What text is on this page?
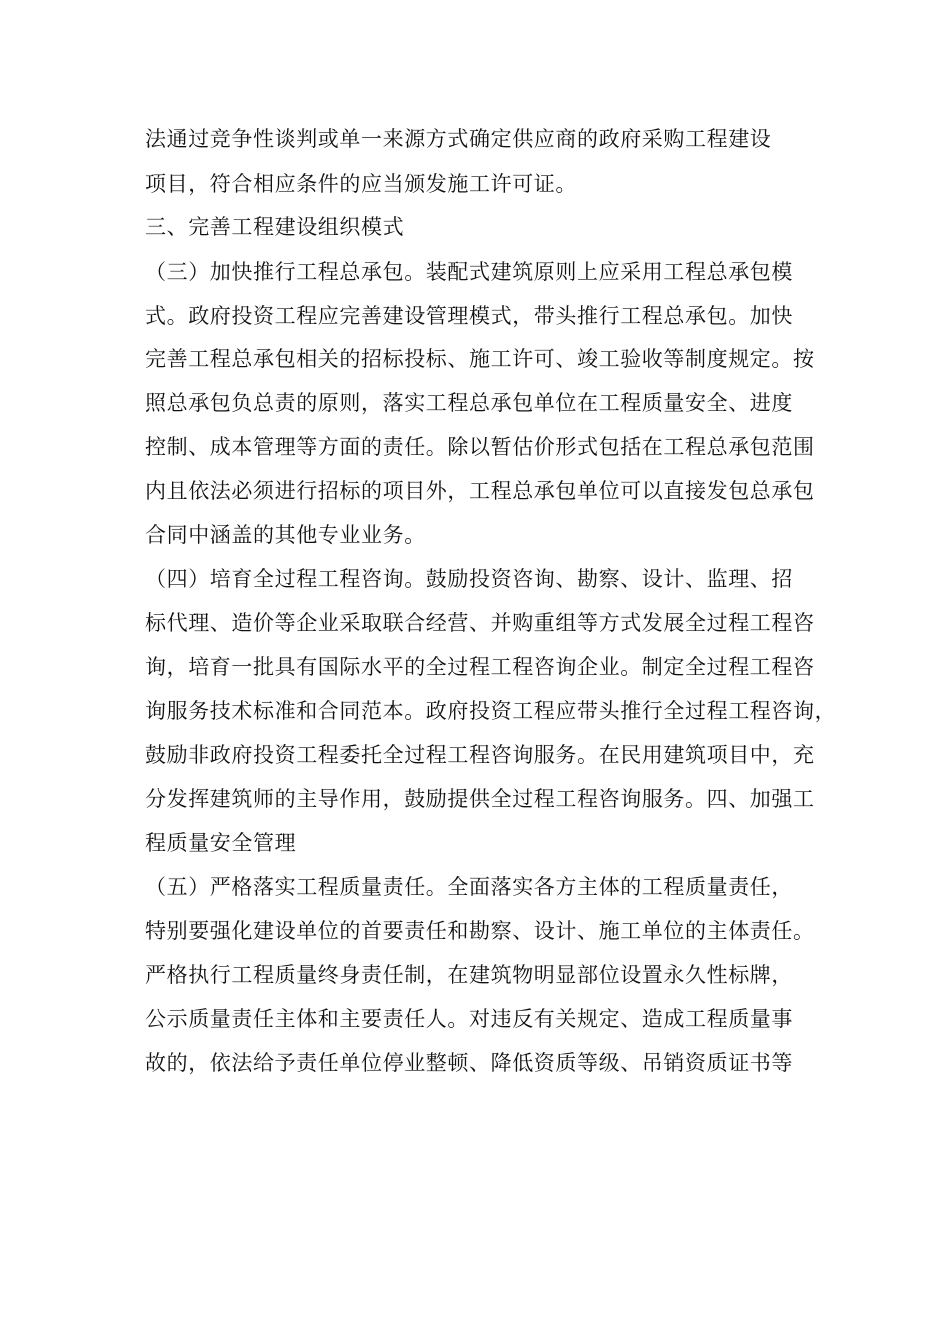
法通过竞争性谈判或单一来源方式确定供应商的政府采购工程建设
项目，符合相应条件的应当颁发施工许可证。
三、完善工程建设组织模式
（三）加快推行工程总承包。装配式建筑原则上应采用工程总承包模
式。政府投资工程应完善建设管理模式，带头推行工程总承包。加快
完善工程总承包相关的招标投标、施工许可、竣工验收等制度规定。按
照总承包负总责的原则，落实工程总承包单位在工程质量安全、进度
控制、成本管理等方面的责任。除以暂估价形式包括在工程总承包范围
内且依法必须进行招标的项目外，工程总承包单位可以直接发包总承包
合同中涵盖的其他专业业务。
（四）培育全过程工程咨询。鼓励投资咨询、勘察、设计、监理、招
标代理、造价等企业采取联合经营、并购重组等方式发展全过程工程咨
询，培育一批具有国际水平的全过程工程咨询企业。制定全过程工程咨
询服务技术标准和合同范本。政府投资工程应带头推行全过程工程咨询，
鼓励非政府投资工程委托全过程工程咨询服务。在民用建筑项目中，充
分发挥建筑师的主导作用，鼓励提供全过程工程咨询服务。四、加强工
程质量安全管理
（五）严格落实工程质量责任。全面落实各方主体的工程质量责任，
特别要强化建设单位的首要责任和勘察、设计、施工单位的主体责任。
严格执行工程质量终身责任制，在建筑物明显部位设置永久性标牌，
公示质量责任主体和主要责任人。对违反有关规定、造成工程质量事
故的，依法给予责任单位停业整顿、降低资质等级、吊销资质证书等
